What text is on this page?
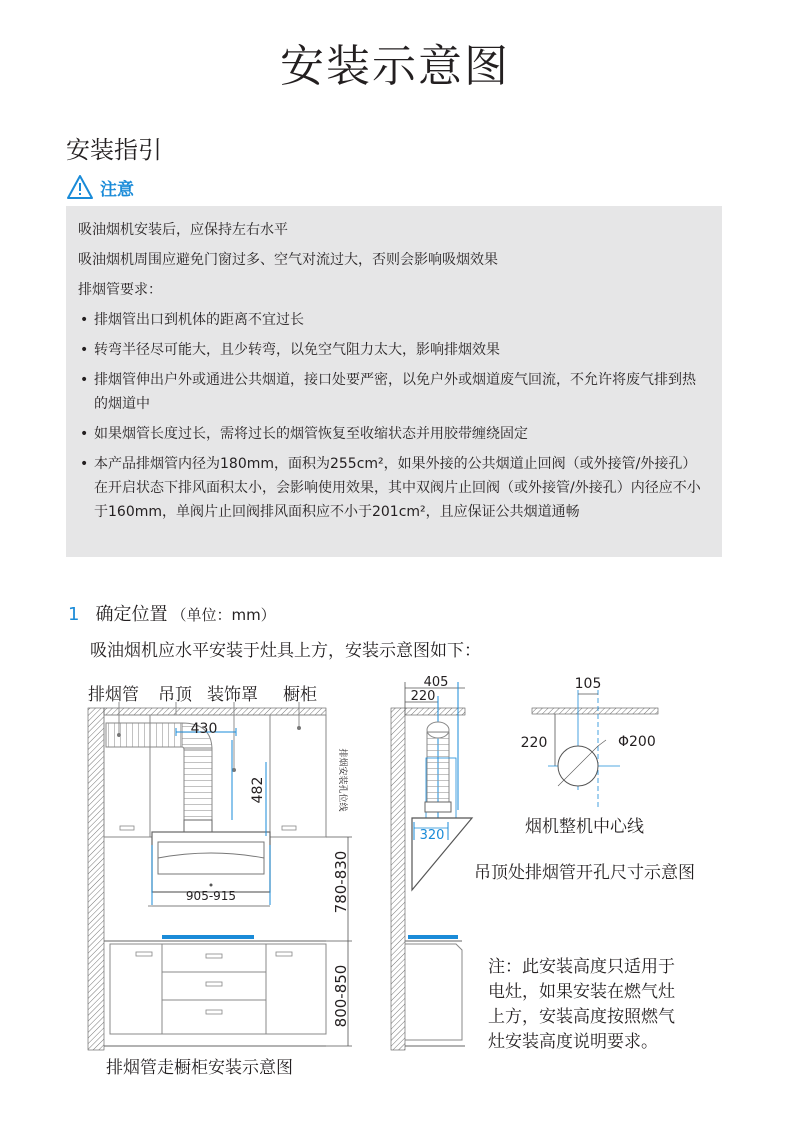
安装示意图
安装指引
注意

吸油烟机安装后，应保持左右水平

吸油烟机周围应避免门窗过多、空气对流过大，否则会影响吸烟效果

排烟管要求：

• 排烟管出口到机体的距离不宜过长
• 转弯半径尽可能大，且少转弯，以免空气阻力太大，影响排烟效果
• 排烟管伸出户外或通进公共烟道，接口处要严密，以免户外或烟道废气回流，不允许将废气排到热的烟道中
• 如果烟管长度过长，需将过长的烟管恢复至收缩状态并用胶带缠绕固定
• 本产品排烟管内径为180mm，面积为255cm²，如果外接的公共烟道止回阀（或外接管/外接孔）在开启状态下排风面积太小，会影响使用效果，其中双阀片止回阀（或外接管/外接孔）内径应不小于160mm，单阀片止回阀排风面积应不小于201cm²，且应保证公共烟道通畅
1 确定位置 （单位：mm）
吸油烟机应水平安装于灶具上方，安装示意图如下：
排烟管 吊顶 装饰罩 橱柜
430
482
905-915	780-830
800-850
排烟安装孔位线
405
220
320
105
220	Φ200
烟机整机中心线
吊顶处排烟管开孔尺寸示意图
注：此安装高度只适用于
电灶，如果安装在燃气灶
上方，安装高度按照燃气
灶安装高度说明要求。
排烟管走橱柜安装示意图
